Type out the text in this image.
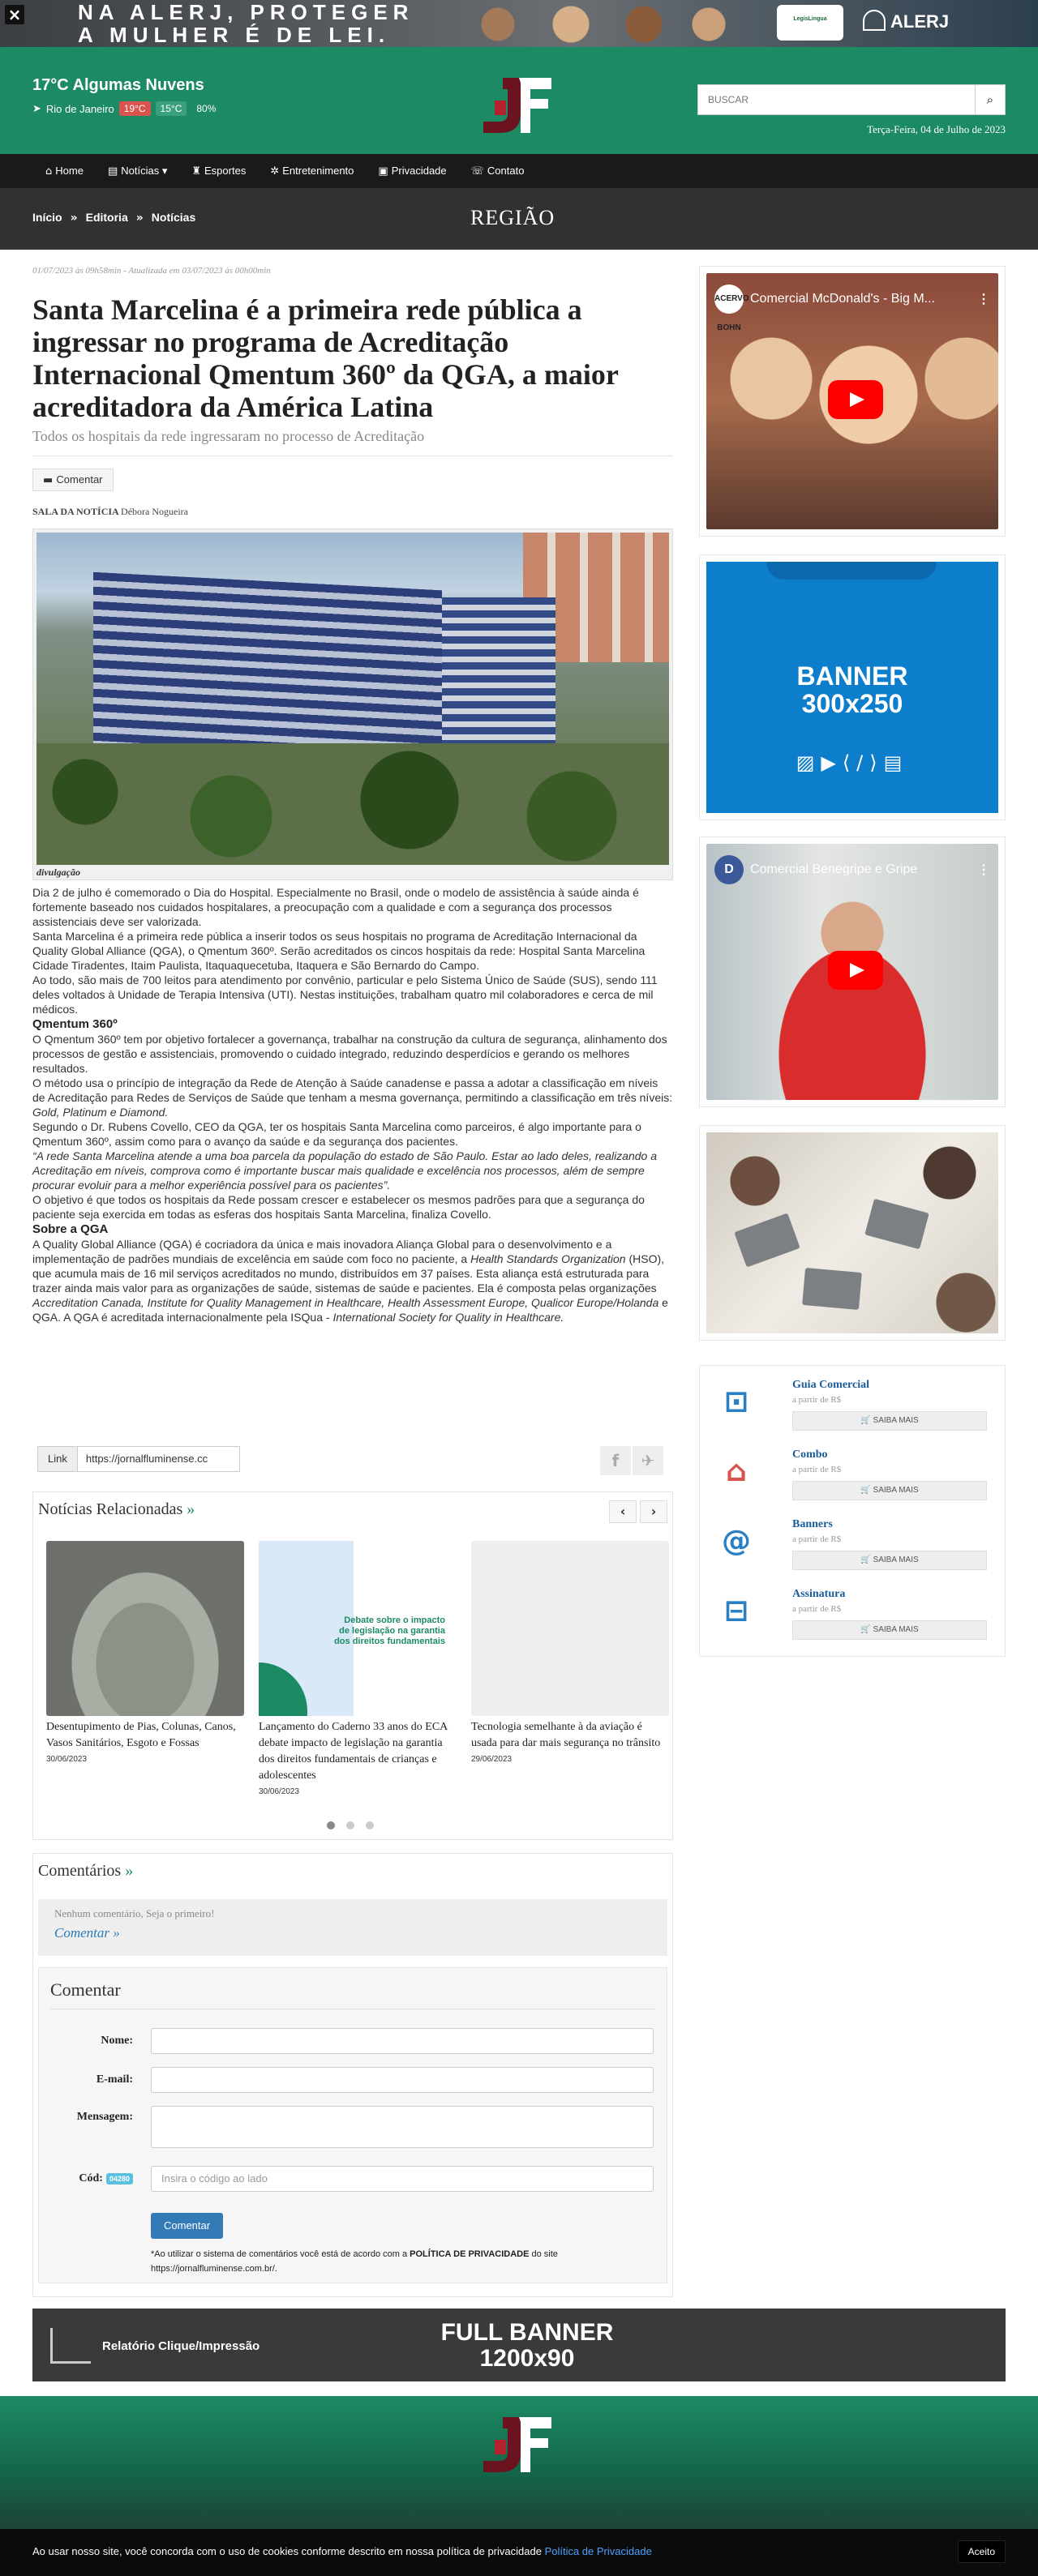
×	NA ALERJ, PROTEGER
A MULHER É DE LEI.
LegisLingua	ALERJ
17°C Algumas Nuvens
➤ Rio de Janeiro	19°C	15°C	80%
BUSCAR
⌕
Terça-Feira, 04 de Julho de 2023
⌂ Home ▤ Notícias ▾ ♜ Esportes ✲ Entretenimento ▣ Privacidade ☏ Contato
Início » Editoria » Notícias	REGIÃO
01/07/2023 às 09h58min - Atualizada em 03/07/2023 às 00h00min
Santa Marcelina é a primeira rede pública a ingressar no programa de Acreditação Internacional Qmentum 360º da QGA, a maior acreditadora da América Latina
Todos os hospitais da rede ingressaram no processo de Acreditação
▬ Comentar
SALA DA NOTÍCIA Débora Nogueira
divulgação

Dia 2 de julho é comemorado o Dia do Hospital. Especialmente no Brasil, onde o modelo de assistência à saúde ainda é fortemente baseado nos cuidados hospitalares, a preocupação com a qualidade e com a segurança dos processos assistenciais deve ser valorizada.

Santa Marcelina é a primeira rede pública a inserir todos os seus hospitais no programa de Acreditação Internacional da Quality Global Alliance (QGA), o Qmentum 360º. Serão acreditados os cincos hospitais da rede: Hospital Santa Marcelina Cidade Tiradentes, Itaim Paulista, Itaquaquecetuba, Itaquera e São Bernardo do Campo.

Ao todo, são mais de 700 leitos para atendimento por convênio, particular e pelo Sistema Único de Saúde (SUS), sendo 111 deles voltados à Unidade de Terapia Intensiva (UTI). Nestas instituições, trabalham quatro mil colaboradores e cerca de mil médicos.

Qmentum 360º

O Qmentum 360º tem por objetivo fortalecer a governança, trabalhar na construção da cultura de segurança, alinhamento dos processos de gestão e assistenciais, promovendo o cuidado integrado, reduzindo desperdícios e gerando os melhores resultados.

O método usa o princípio de integração da Rede de Atenção à Saúde canadense e passa a adotar a classificação em níveis de Acreditação para Redes de Serviços de Saúde que tenham a mesma governança, permitindo a classificação em três níveis: Gold, Platinum e Diamond.

Segundo o Dr. Rubens Covello, CEO da QGA, ter os hospitais Santa Marcelina como parceiros, é algo importante para o Qmentum 360º, assim como para o avanço da saúde e da segurança dos pacientes.

“A rede Santa Marcelina atende a uma boa parcela da população do estado de São Paulo. Estar ao lado deles, realizando a Acreditação em níveis, comprova como é importante buscar mais qualidade e excelência nos processos, além de sempre procurar evoluir para a melhor experiência possível para os pacientes”.

O objetivo é que todos os hospitais da Rede possam crescer e estabelecer os mesmos padrões para que a segurança do paciente seja exercida em todas as esferas dos hospitais Santa Marcelina, finaliza Covello.

Sobre a QGA

A Quality Global Alliance (QGA) é cocriadora da única e mais inovadora Aliança Global para o desenvolvimento e a implementação de padrões mundiais de excelência em saúde com foco no paciente, a Health Standards Organization (HSO), que acumula mais de 16 mil serviços acreditados no mundo, distribuídos em 37 países. Esta aliança está estruturada para trazer ainda mais valor para as organizações de saúde, sistemas de saúde e pacientes. Ela é composta pelas organizações Accreditation Canada, Institute for Quality Management in Healthcare, Health Assessment Europe, Qualicor Europe/Holanda e QGA. A QGA é acreditada internacionalmente pela ISQua - International Society for Quality in Healthcare.

Link	https://jornalfluminense.cc	f	✈
Notícias Relacionadas »	‹	›
Desentupimento de Pias, Colunas, Canos, Vasos Sanitários, Esgoto e Fossas
30/06/2023
Debate sobre o impacto de legislação na garantia dos direitos fundamentais
Lançamento do Caderno 33 anos do ECA debate impacto de legislação na garantia dos direitos fundamentais de crianças e adolescentes
30/06/2023
Tecnologia semelhante à da aviação é usada para dar mais segurança no trânsito
29/06/2023
Comentários »
Nenhum comentário, Seja o primeiro!
Comentar »
Comentar
Nome:
E-mail:
Mensagem:
Cód: 04280	Insira o código ao lado
Comentar
*Ao utilizar o sistema de comentários você está de acordo com a POLÍTICA DE PRIVACIDADE do site https://jornalfluminense.com.br/.
ACERVO BOHN
Comercial McDonald's - Big M...	⋮
BANNER
300x250
▨▶⟨/⟩▤
D	Comercial Benegripe e Gripe	⋮
⊡
Guia Comercial
a partir de R$
🛒 SAIBA MAIS
⌂
Combo
a partir de R$
🛒 SAIBA MAIS
@
Banners
a partir de R$
🛒 SAIBA MAIS
⊟
Assinatura
a partir de R$
🛒 SAIBA MAIS
Relatório Clique/Impressão
FULL BANNER
1200x90
Ao usar nosso site, você concorda com o uso de cookies conforme descrito em nossa política de privacidade Política de Privacidade	Aceito
